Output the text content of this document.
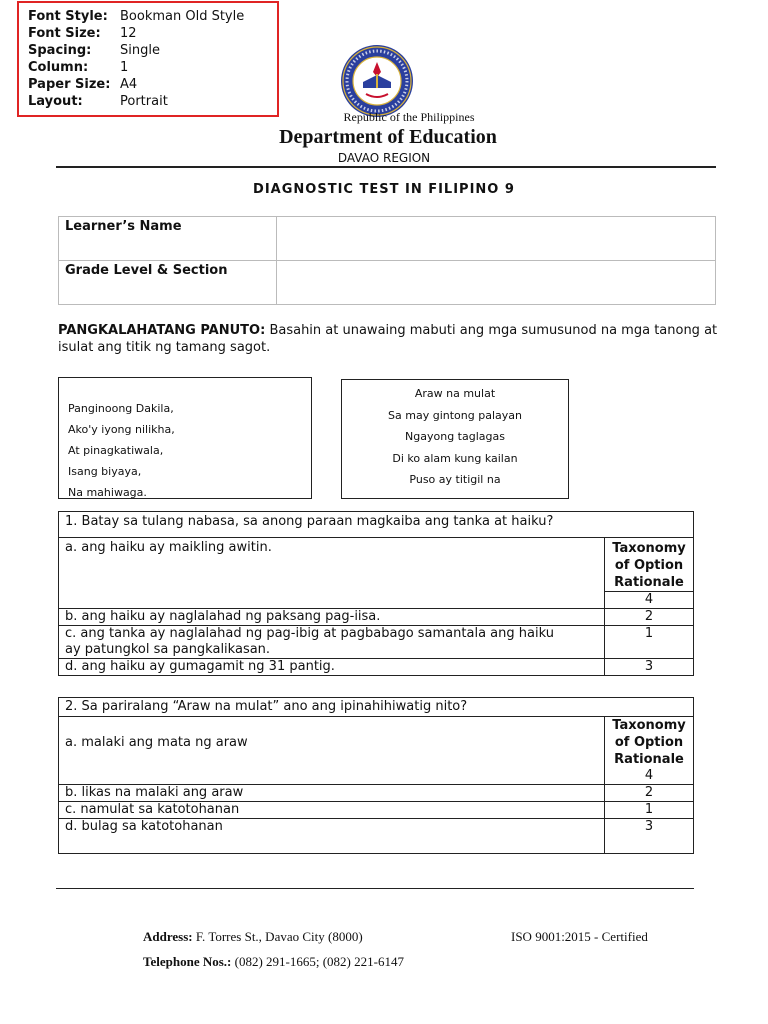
Font Style: Bookman Old Style
Font Size:	12
Spacing:	Single
Column:	1
Paper Size: A4
Layout:	Portrait
Republic of the Philippines
Department of Education
DAVAO REGION
DIAGNOSTIC TEST IN FILIPINO 9
Learner’s Name	
Grade Level & Section	
PANGKALAHATANG PANUTO: Basahin at unawaing mabuti ang mga sumusunod na mga tanong at isulat ang titik ng tamang sagot.
Panginoong Dakila,
Ako'y iyong nilikha,
At pinagkatiwala,
Isang biyaya,
Na mahiwaga.
Araw na mulat
Sa may gintong palayan
Ngayong taglagas
Di ko alam kung kailan
Puso ay titigil na
1. Batay sa tulang nabasa, sa anong paraan magkaiba ang tanka at haiku?	
a. ang haiku ay maikling awitin.	Taxonomy of Option Rationale
	4
b. ang haiku ay naglalahad ng paksang pag-iisa.	2
c. ang tanka ay naglalahad ng pag-ibig at pagbabago samantala ang haiku ay patungkol sa pangkalikasan.	1
d. ang haiku ay gumagamit ng 31 pantig.	3
2. Sa pariralang “Araw na mulat” ano ang ipinahihiwatig nito?	
a. malaki ang mata ng araw	Taxonomy of Option Rationale
	4
b. likas na malaki ang araw	2
c. namulat sa katotohanan	1
d. bulag sa katotohanan	3
Address: F. Torres St., Davao City (8000)	ISO 9001:2015 - Certified
Telephone Nos.: (082) 291-1665; (082) 221-6147
